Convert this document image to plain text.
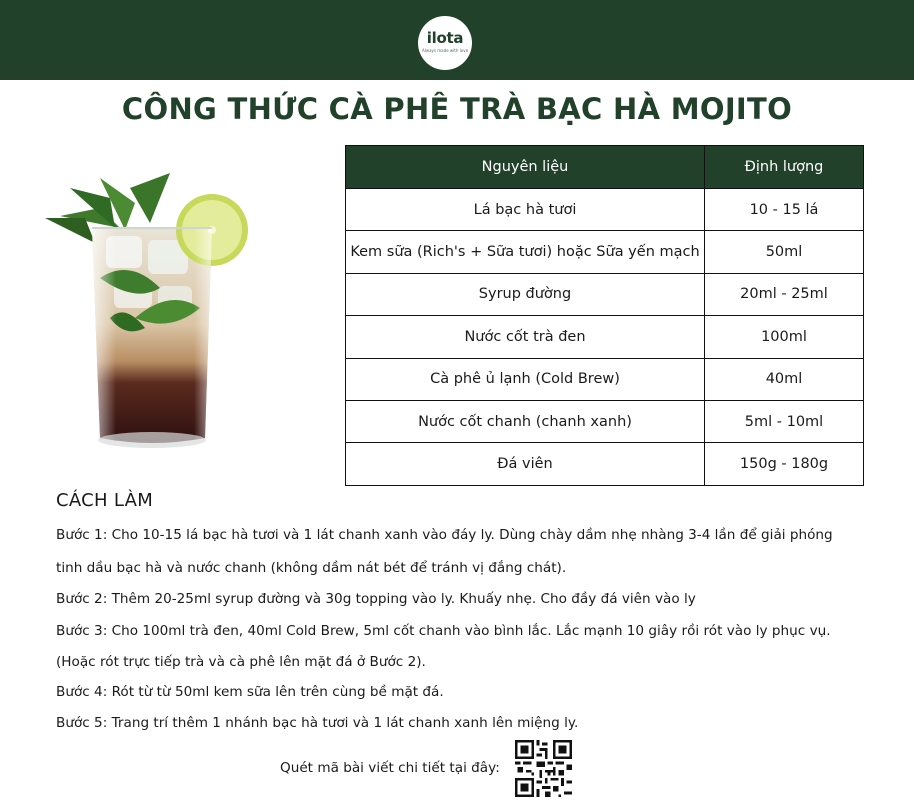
ilota
Always made with love
CÔNG THỨC CÀ PHÊ TRÀ BẠC HÀ MOJITO
Nguyên liệu	Định lượng
Lá bạc hà tươi	10 - 15 lá
Kem sữa (Rich's + Sữa tươi) hoặc Sữa yến mạch	50ml
Syrup đường	20ml - 25ml
Nước cốt trà đen	100ml
Cà phê ủ lạnh (Cold Brew)	40ml
Nước cốt chanh (chanh xanh)	5ml - 10ml
Đá viên	150g - 180g
CÁCH LÀM
Bước 1: Cho 10-15 lá bạc hà tươi và 1 lát chanh xanh vào đáy ly. Dùng chày dầm nhẹ nhàng 3-4 lần để giải phóng
tinh dầu bạc hà và nước chanh (không dầm nát bét để tránh vị đắng chát).
Bước 2: Thêm 20-25ml syrup đường và 30g topping vào ly. Khuấy nhẹ. Cho đầy đá viên vào ly
Bước 3: Cho 100ml trà đen, 40ml Cold Brew, 5ml cốt chanh vào bình lắc. Lắc mạnh 10 giây rồi rót vào ly phục vụ.
(Hoặc rót trực tiếp trà và cà phê lên mặt đá ở Bước 2).
Bước 4: Rót từ từ 50ml kem sữa lên trên cùng bề mặt đá.
Bước 5: Trang trí thêm 1 nhánh bạc hà tươi và 1 lát chanh xanh lên miệng ly.
Quét mã bài viết chi tiết tại đây:
